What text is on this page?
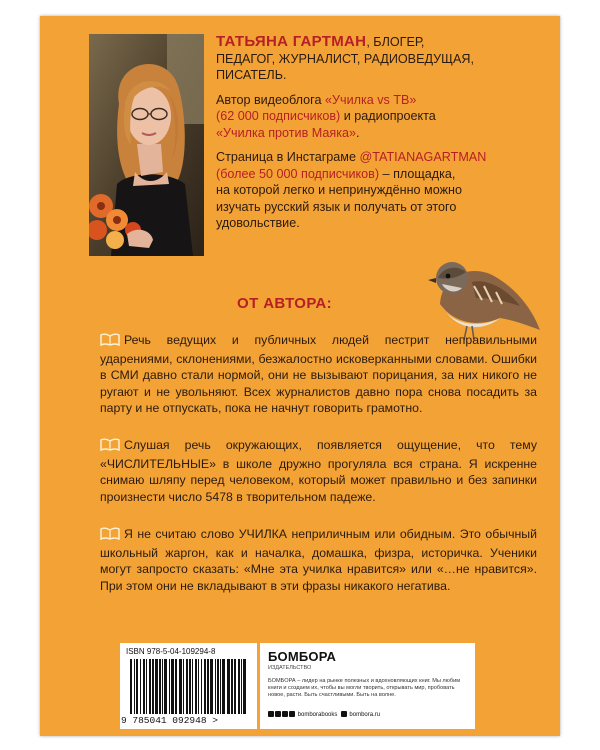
ТАТЬЯНА ГАРТМАН, БЛОГЕР,
ПЕДАГОГ, ЖУРНАЛИСТ, РАДИОВЕДУЩАЯ,
ПИСАТЕЛЬ.

Автор видеоблога «Училка vs ТВ»
(62 000 подписчиков) и радиопроекта
«Училка против Маяка».

Страница в Инстаграме @TATIANAGARTMAN
(более 50 000 подписчиков) – площадка,
на которой легко и непринуждённо можно
изучать русский язык и получать от этого
удовольствие.

ОТ АВТОРА:
Речь ведущих и публичных людей пестрит неправильными ударениями, склонениями, безжалостно исковерканными словами. Ошибки в СМИ давно стали нормой, они не вызывают порицания, за них никого не ругают и не увольняют. Всех журналистов давно пора снова посадить за парту и не отпускать, пока не начнут говорить грамотно.
Слушая речь окружающих, появляется ощущение, что тему «ЧИСЛИТЕЛЬНЫЕ» в школе дружно прогуляла вся страна. Я искренне снимаю шляпу перед человеком, который может правильно и без запинки произнести число 5478 в творительном падеже.
Я не считаю слово УЧИЛКА неприличным или обидным. Это обычный школьный жаргон, как и началка, домашка, физра, историчка. Ученики могут запросто сказать: «Мне эта училка нравится» или «…не нравится». При этом они не вкладывают в эти фразы никакого негатива.
ISBN 978-5-04-109294-8
9 785041 092948 >
БОМБОРА
ИЗДАТЕЛЬСТВО
БОМБОРА – лидер на рынке полезных и вдохновляющих книг. Мы любим книги и создаем их, чтобы вы могли творить, открывать мир, пробовать новое, расти. Быть счастливыми. Быть на волне.
bomborabooks bombora.ru
